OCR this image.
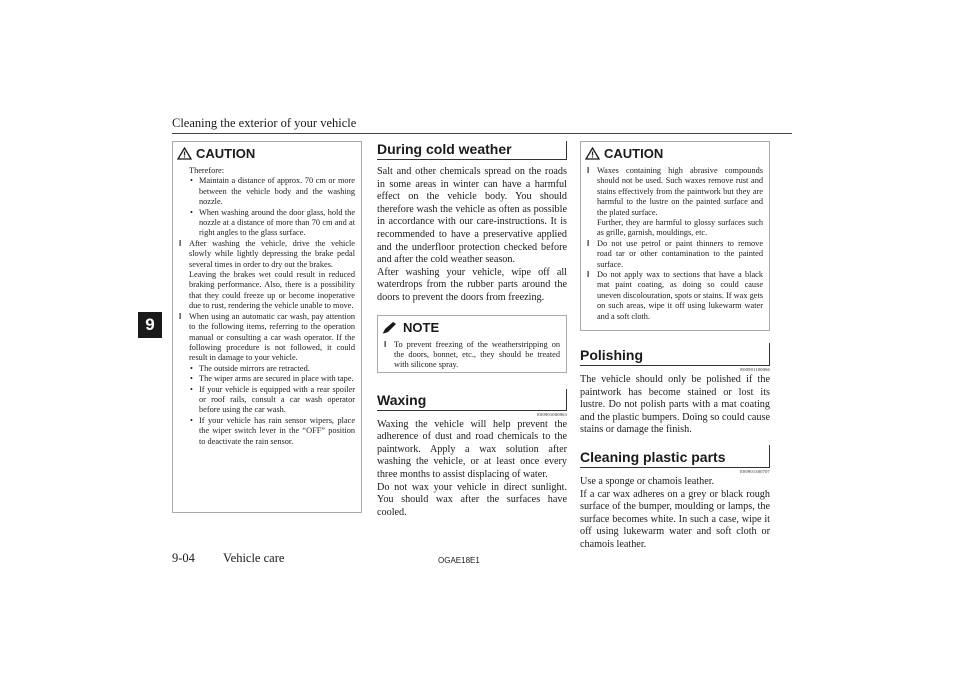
Cleaning the exterior of your vehicle
9
CAUTION

Therefore:

• Maintain a distance of approx. 70 cm or more between the vehicle body and the washing nozzle.
• When washing around the door glass, hold the nozzle at a distance of more than 70 cm and at right angles to the glass surface.
l After washing the vehicle, drive the vehicle slowly while lightly depressing the brake pedal several times in order to dry out the brakes.
Leaving the brakes wet could result in reduced braking performance. Also, there is a possibility that they could freeze up or become inoperative due to rust, rendering the vehicle unable to move.
l When using an automatic car wash, pay attention to the following items, referring to the operation manual or consulting a car wash operator. If the following procedure is not followed, it could result in damage to your vehicle.
• The outside mirrors are retracted.
• The wiper arms are secured in place with tape.
• If your vehicle is equipped with a rear spoiler or roof rails, consult a car wash operator before using the car wash.
• If your vehicle has rain sensor wipers, place the wiper switch lever in the “OFF” position to deactivate the rain sensor.
During cold weather

Salt and other chemicals spread on the roads in some areas in winter can have a harmful effect on the vehicle body. You should therefore wash the vehicle as often as possible in accordance with our care-instructions. It is recommended to have a preservative applied and the underfloor protection checked before and after the cold weather season.

After washing your vehicle, wipe off all waterdrops from the rubber parts around the doors to prevent the doors from freezing.

NOTE
l To prevent freezing of the weatherstripping on the doors, bonnet, etc., they should be treated with silicone spray.
Waxing
E00901000863

Waxing the vehicle will help prevent the adherence of dust and road chemicals to the paintwork. Apply a wax solution after washing the vehicle, or at least once every three months to assist displacing of water.

Do not wax your vehicle in direct sunlight. You should wax after the surfaces have cooled.

CAUTION
l Waxes containing high abrasive compounds should not be used. Such waxes remove rust and stains effectively from the paintwork but they are harmful to the lustre on the painted surface and the plated surface.
Further, they are harmful to glossy surfaces such as grille, garnish, mouldings, etc.
l Do not use petrol or paint thinners to remove road tar or other contamination to the painted surface.
l Do not apply wax to sections that have a black mat paint coating, as doing so could cause uneven discolouration, spots or stains. If wax gets on such areas, wipe it off using lukewarm water and a soft cloth.
Polishing
E00901100066

The vehicle should only be polished if the paintwork has become stained or lost its lustre. Do not polish parts with a mat coating and the plastic bumpers. Doing so could cause stains or damage the finish.

Cleaning plastic parts
E00901300707

Use a sponge or chamois leather.

If a car wax adheres on a grey or black rough surface of the bumper, moulding or lamps, the surface becomes white. In such a case, wipe it off using lukewarm water and soft cloth or chamois leather.

9-04 Vehicle care	OGAE18E1
